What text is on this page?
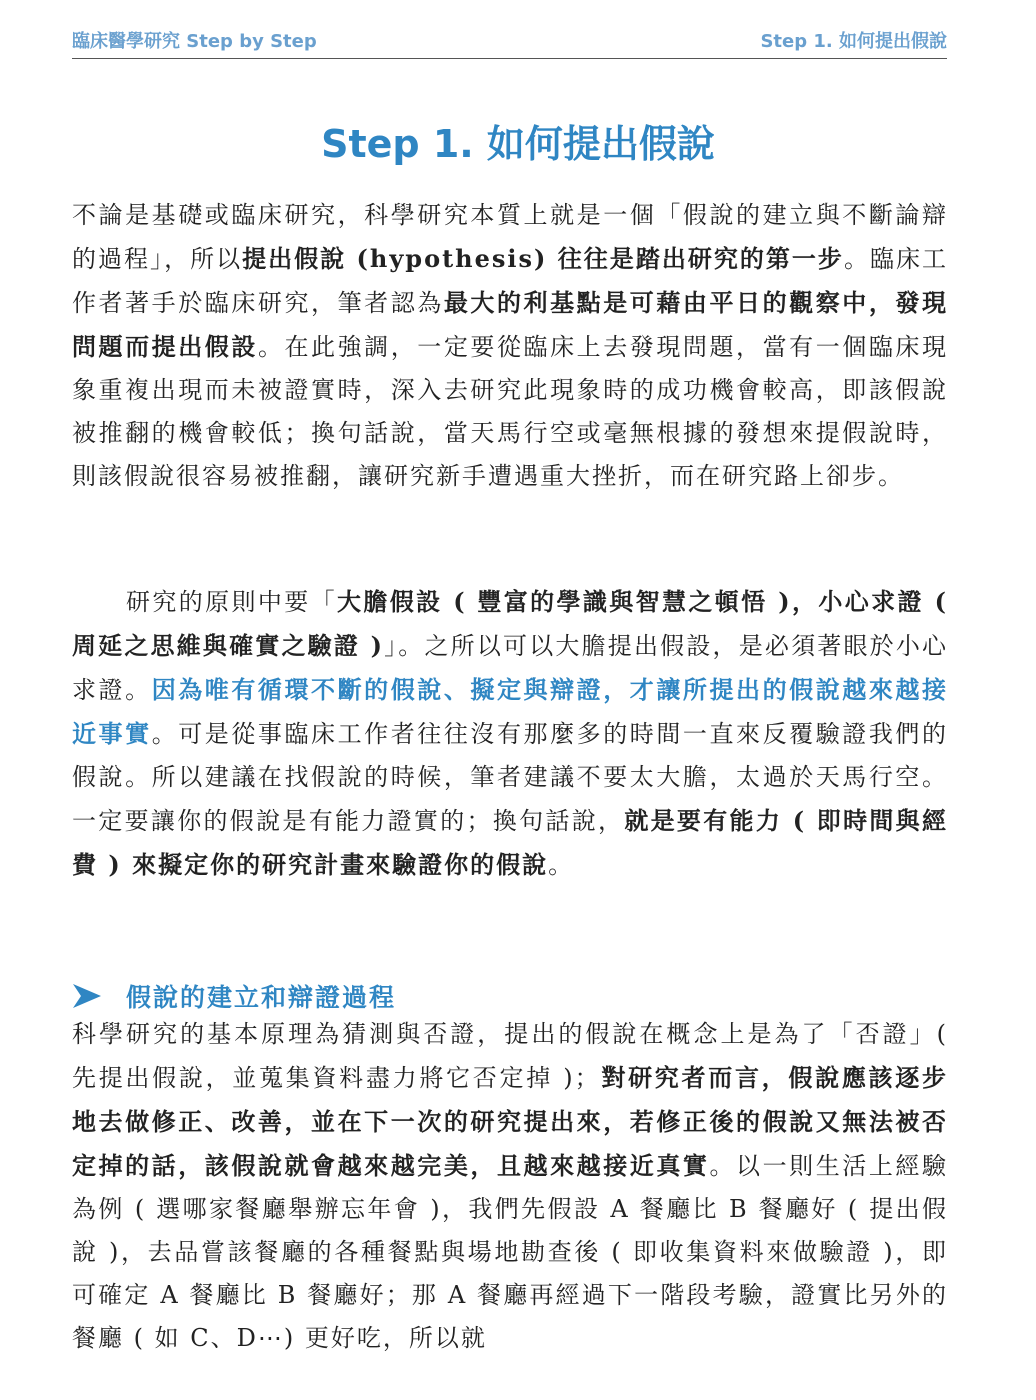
臨床醫學研究 Step by Step	Step 1. 如何提出假說
Step 1. 如何提出假說

不論是基礎或臨床研究，科學研究本質上就是一個「假說的建立與不斷論辯的過程」，所以提出假說 (hypothesis) 往往是踏出研究的第一步。臨床工作者著手於臨床研究，筆者認為最大的利基點是可藉由平日的觀察中，發現問題而提出假設。在此強調，一定要從臨床上去發現問題，當有一個臨床現象重複出現而未被證實時，深入去研究此現象時的成功機會較高，即該假說被推翻的機會較低；換句話說，當天馬行空或毫無根據的發想來提假說時，則該假說很容易被推翻，讓研究新手遭遇重大挫折，而在研究路上卻步。

研究的原則中要「大膽假設 ( 豐富的學識與智慧之頓悟 )，小心求證 ( 周延之思維與確實之驗證 )」。之所以可以大膽提出假設，是必須著眼於小心求證。因為唯有循環不斷的假說、擬定與辯證，才讓所提出的假說越來越接近事實。可是從事臨床工作者往往沒有那麼多的時間一直來反覆驗證我們的假說。所以建議在找假說的時候，筆者建議不要太大膽，太過於天馬行空。一定要讓你的假說是有能力證實的；換句話說，就是要有能力 ( 即時間與經費 ) 來擬定你的研究計畫來驗證你的假說。

假說的建立和辯證過程

科學研究的基本原理為猜測與否證，提出的假說在概念上是為了「否證」( 先提出假說，並蒐集資料盡力將它否定掉 )；對研究者而言，假說應該逐步地去做修正、改善，並在下一次的研究提出來，若修正後的假說又無法被否定掉的話，該假說就會越來越完美，且越來越接近真實。以一則生活上經驗為例 ( 選哪家餐廳舉辦忘年會 )，我們先假設 A 餐廳比 B 餐廳好 ( 提出假說 )，去品嘗該餐廳的各種餐點與場地勘查後 ( 即收集資料來做驗證 )，即可確定 A 餐廳比 B 餐廳好；那 A 餐廳再經過下一階段考驗，證實比另外的餐廳 ( 如 C、D⋯) 更好吃，所以就
